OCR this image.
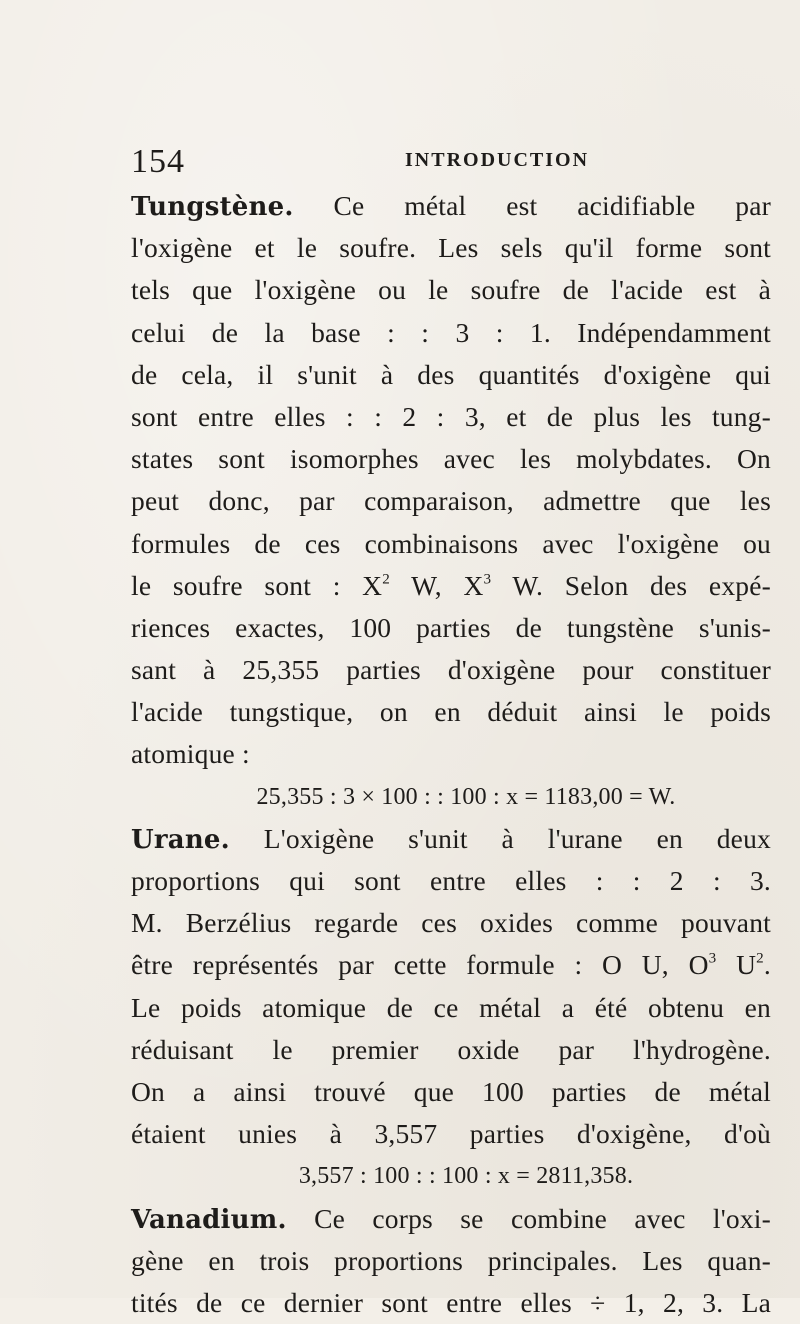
154	INTRODUCTION
Tungstène. Ce métal est acidifiable par
l'oxigène et le soufre. Les sels qu'il forme sont
tels que l'oxigène ou le soufre de l'acide est à
celui de la base : : 3 : 1. Indépendamment
de cela, il s'unit à des quantités d'oxigène qui
sont entre elles : : 2 : 3, et de plus les tung-
states sont isomorphes avec les molybdates. On
peut donc, par comparaison, admettre que les
formules de ces combinaisons avec l'oxigène ou
le soufre sont : $X^2$ W, $X^3$ W. Selon des expé-
riences exactes, 100 parties de tungstène s'unis-
sant à 25,355 parties d'oxigène pour constituer
l'acide tungstique, on en déduit ainsi le poids
atomique :
25,355 : 3 × 100 : : 100 : x = 1183,00 = W.
Urane. L'oxigène s'unit à l'urane en deux
proportions qui sont entre elles : : 2 : 3.
M. Berzélius regarde ces oxides comme pouvant
être représentés par cette formule : O U, $O^3$ $U^2$.
Le poids atomique de ce métal a été obtenu en
réduisant le premier oxide par l'hydrogène.
On a ainsi trouvé que 100 parties de métal
étaient unies à 3,557 parties d'oxigène, d'où
3,557 : 100 : : 100 : x = 2811,358.
Vanadium. Ce corps se combine avec l'oxi-
gène en trois proportions principales. Les quan-
tités de ce dernier sont entre elles ÷ 1, 2, 3. La
